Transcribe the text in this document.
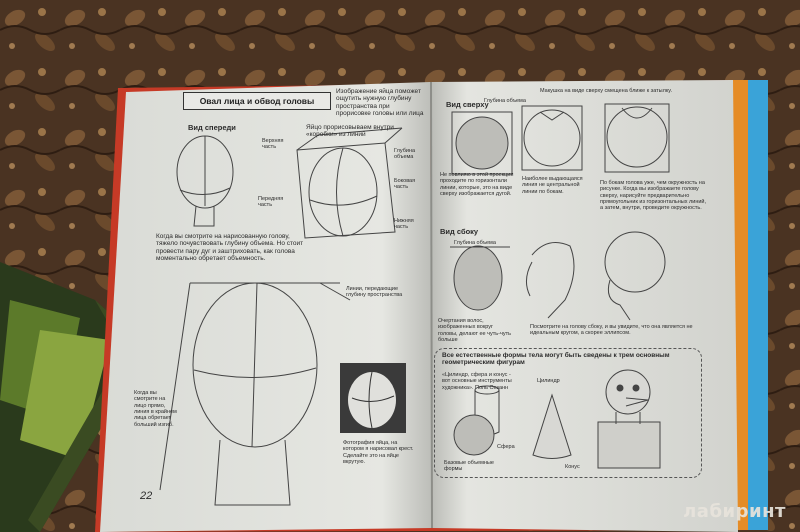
Овал лица и обвод головы
Изображение яйца поможет ощутить нужную глубину пространства при прорисовке головы или лица
Вид спереди	Яйцо прорисовываем внутри «коробки» из линий
Верхняя часть
Глубина объема
Боковая часть
Передняя часть
Нижняя часть
Когда вы смотрите на нарисованную голову, тяжело почувствовать глубину объема. Но стоит провести пару дуг и заштриховать, как голова моментально обретает объемность.
Линии, передающие глубину пространства
Когда вы смотрите на лицо прямо, линия в крайнем лица обретает больший изгиб.
Фотография яйца, на котором я нарисовал крест. Сделайте это на яйце вкрутую.
22
Макушка на виде сверху смещена ближе к затылку.
Вид сверху
Глубина объема
Не повлияю в этой проекции проходите по горизонтали линии, которые, это на виде сверху изображается дугой.
Наиболее выдающаяся линия не центральной линии по бокам.
По бокам голова уже, чем окружность на рисунке. Когда вы изображаете голову сверху, нарисуйте предварительно прямоугольник из горизонтальных линий, а затем, внутри, проведите окружность.
Вид сбоку
Глубина объема
Очертания волос, изображенных вокруг головы, делают ее чуть-чуть больше
Посмотрите на голову сбоку, и вы увидите, что она является не идеальным кругом, а скорее эллипсом.
Все естественные формы тела могут быть сведены к трем основным геометрическим фигурам
«Цилиндр, сфера и конус - вот основные инструменты художника». Поль Сезанн
Цилиндр
Сфера
Конус
Базовые объемные формы
лабиринт
